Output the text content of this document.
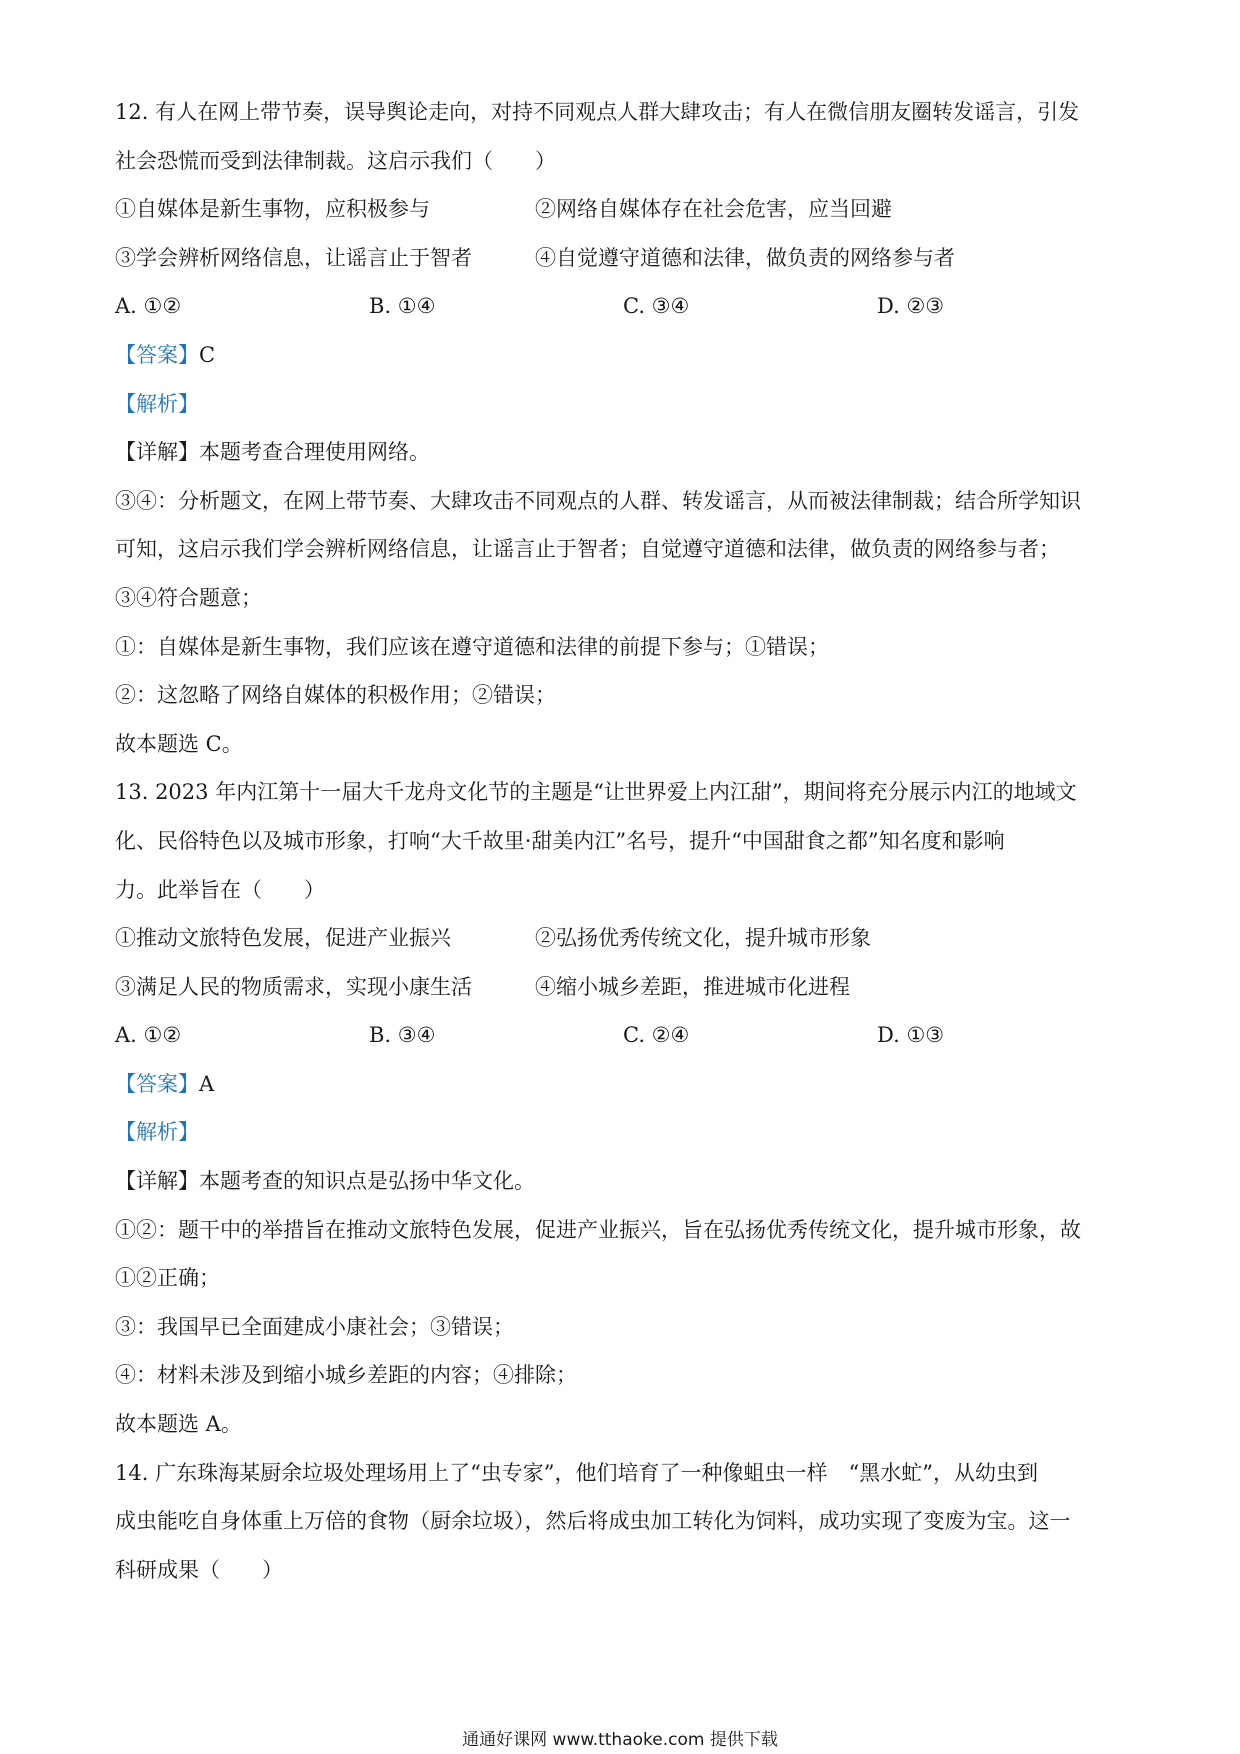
12. 有人在网上带节奏，误导舆论走向，对持不同观点人群大肆攻击；有人在微信朋友圈转发谣言，引发
社会恐慌而受到法律制裁。这启示我们（　　）
①自媒体是新生事物，应积极参与	②网络自媒体存在社会危害，应当回避
③学会辨析网络信息，让谣言止于智者	④自觉遵守道德和法律，做负责的网络参与者
A. ①②	B. ①④	C. ③④	D. ②③
【答案】C
【解析】
【详解】本题考查合理使用网络。
③④：分析题文，在网上带节奏、大肆攻击不同观点的人群、转发谣言，从而被法律制裁；结合所学知识
可知，这启示我们学会辨析网络信息，让谣言止于智者；自觉遵守道德和法律，做负责的网络参与者；
③④符合题意；
①：自媒体是新生事物，我们应该在遵守道德和法律的前提下参与；①错误；
②：这忽略了网络自媒体的积极作用；②错误；
故本题选 C。
13. 2023 年内江第十一届大千龙舟文化节的主题是“让世界爱上内江甜”，期间将充分展示内江的地域文
化、民俗特色以及城市形象，打响“大千故里·甜美内江”名号，提升“中国甜食之都”知名度和影响
力。此举旨在（　　）
①推动文旅特色发展，促进产业振兴	②弘扬优秀传统文化，提升城市形象
③满足人民的物质需求，实现小康生活	④缩小城乡差距，推进城市化进程
A. ①②	B. ③④	C. ②④	D. ①③
【答案】A
【解析】
【详解】本题考查的知识点是弘扬中华文化。
①②：题干中的举措旨在推动文旅特色发展，促进产业振兴，旨在弘扬优秀传统文化，提升城市形象，故
①②正确；
③：我国早已全面建成小康社会；③错误；
④：材料未涉及到缩小城乡差距的内容；④排除；
故本题选 A。
14. 广东珠海某厨余垃圾处理场用上了“虫专家”，他们培育了一种像蛆虫一样　“黑水虻”，从幼虫到
成虫能吃自身体重上万倍的食物（厨余垃圾），然后将成虫加工转化为饲料，成功实现了变废为宝。这一
科研成果（　　）
通通好课网 www.tthaoke.com 提供下载
